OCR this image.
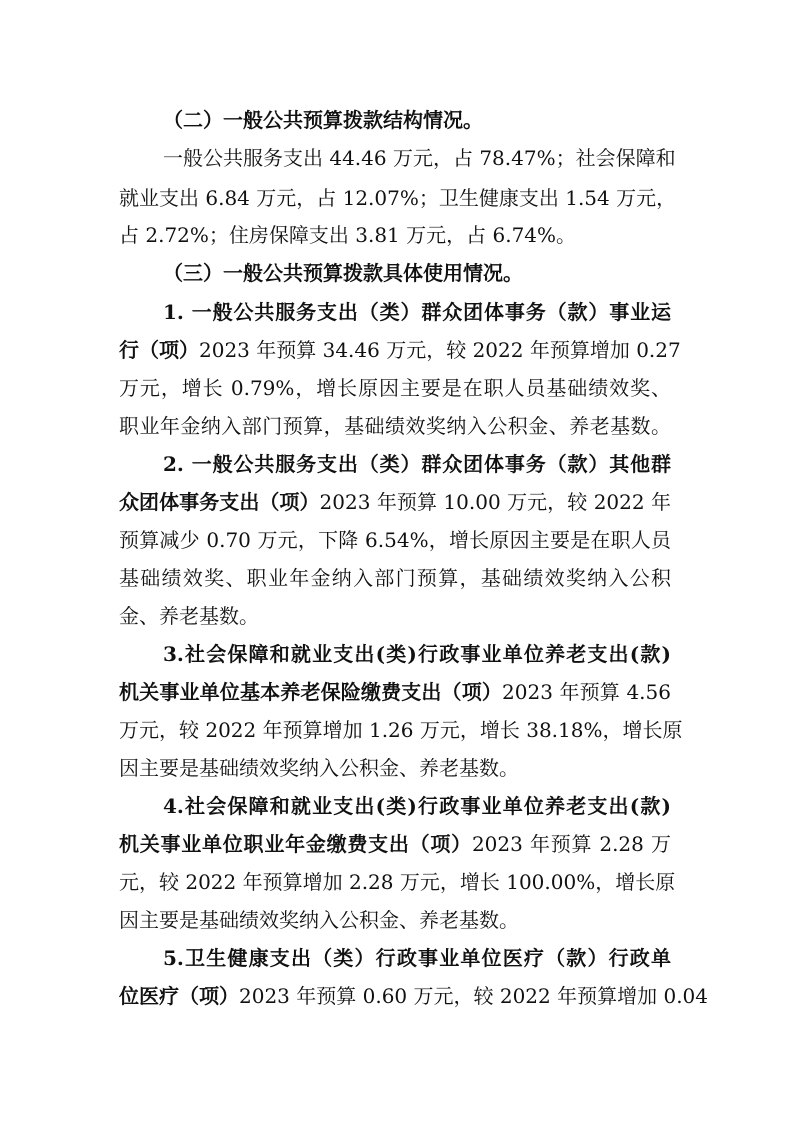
（二）一般公共预算拨款结构情况。

一般公共服务支出 44.46 万元，占 78.47%；社会保障和

就业支出 6.84 万元，占 12.07%；卫生健康支出 1.54 万元，

占 2.72%；住房保障支出 3.81 万元，占 6.74%。

（三）一般公共预算拨款具体使用情况。

1. 一般公共服务支出（类）群众团体事务（款）事业运

行（项）2023 年预算 34.46 万元，较 2022 年预算增加 0.27

万元，增长 0.79%，增长原因主要是在职人员基础绩效奖、

职业年金纳入部门预算，基础绩效奖纳入公积金、养老基数。

2. 一般公共服务支出（类）群众团体事务（款）其他群

众团体事务支出（项）2023 年预算 10.00 万元，较 2022 年

预算减少 0.70 万元，下降 6.54%，增长原因主要是在职人员

基础绩效奖、职业年金纳入部门预算，基础绩效奖纳入公积

金、养老基数。

3.社会保障和就业支出(类)行政事业单位养老支出(款)

机关事业单位基本养老保险缴费支出（项）2023 年预算 4.56

万元，较 2022 年预算增加 1.26 万元，增长 38.18%，增长原

因主要是基础绩效奖纳入公积金、养老基数。

4.社会保障和就业支出(类)行政事业单位养老支出(款)

机关事业单位职业年金缴费支出（项）2023 年预算 2.28 万

元，较 2022 年预算增加 2.28 万元，增长 100.00%，增长原

因主要是基础绩效奖纳入公积金、养老基数。

5.卫生健康支出（类）行政事业单位医疗（款）行政单

位医疗（项）2023 年预算 0.60 万元，较 2022 年预算增加 0.04
